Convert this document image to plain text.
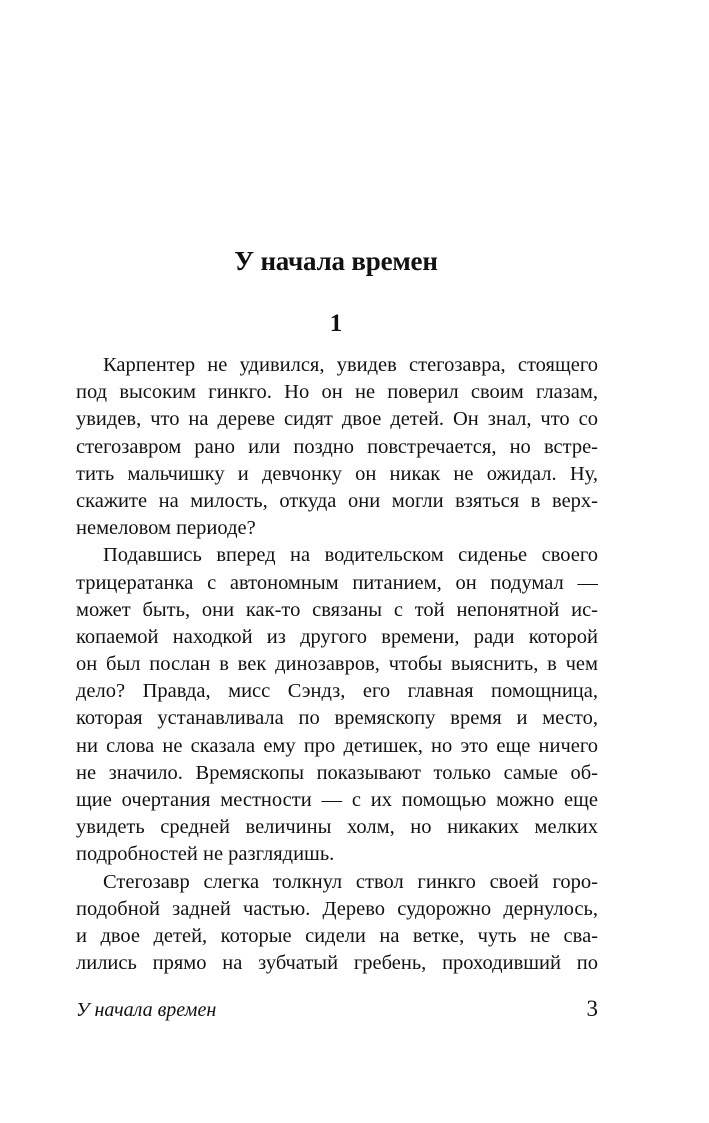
У начала времен
1
Карпентер не удивился, увидев стегозавра, стоящего
под высоким гинкго. Но он не поверил своим глазам,
увидев, что на дереве сидят двое детей. Он знал, что со
стегозавром рано или поздно повстречается, но встре-
тить мальчишку и девчонку он никак не ожидал. Ну,
скажите на милость, откуда они могли взяться в верх-
немеловом периоде?
Подавшись вперед на водительском сиденье своего
трицератанка с автономным питанием, он подумал —
может быть, они как-то связаны с той непонятной ис-
копаемой находкой из другого времени, ради которой
он был послан в век динозавров, чтобы выяснить, в чем
дело? Правда, мисс Сэндз, его главная помощница,
которая устанавливала по времяскопу время и место,
ни слова не сказала ему про детишек, но это еще ничего
не значило. Времяскопы показывают только самые об-
щие очертания местности — с их помощью можно еще
увидеть средней величины холм, но никаких мелких
подробностей не разглядишь.
Стегозавр слегка толкнул ствол гинкго своей горо-
подобной задней частью. Дерево судорожно дернулось,
и двое детей, которые сидели на ветке, чуть не сва-
лились прямо на зубчатый гребень, проходивший по
У начала времен	3
